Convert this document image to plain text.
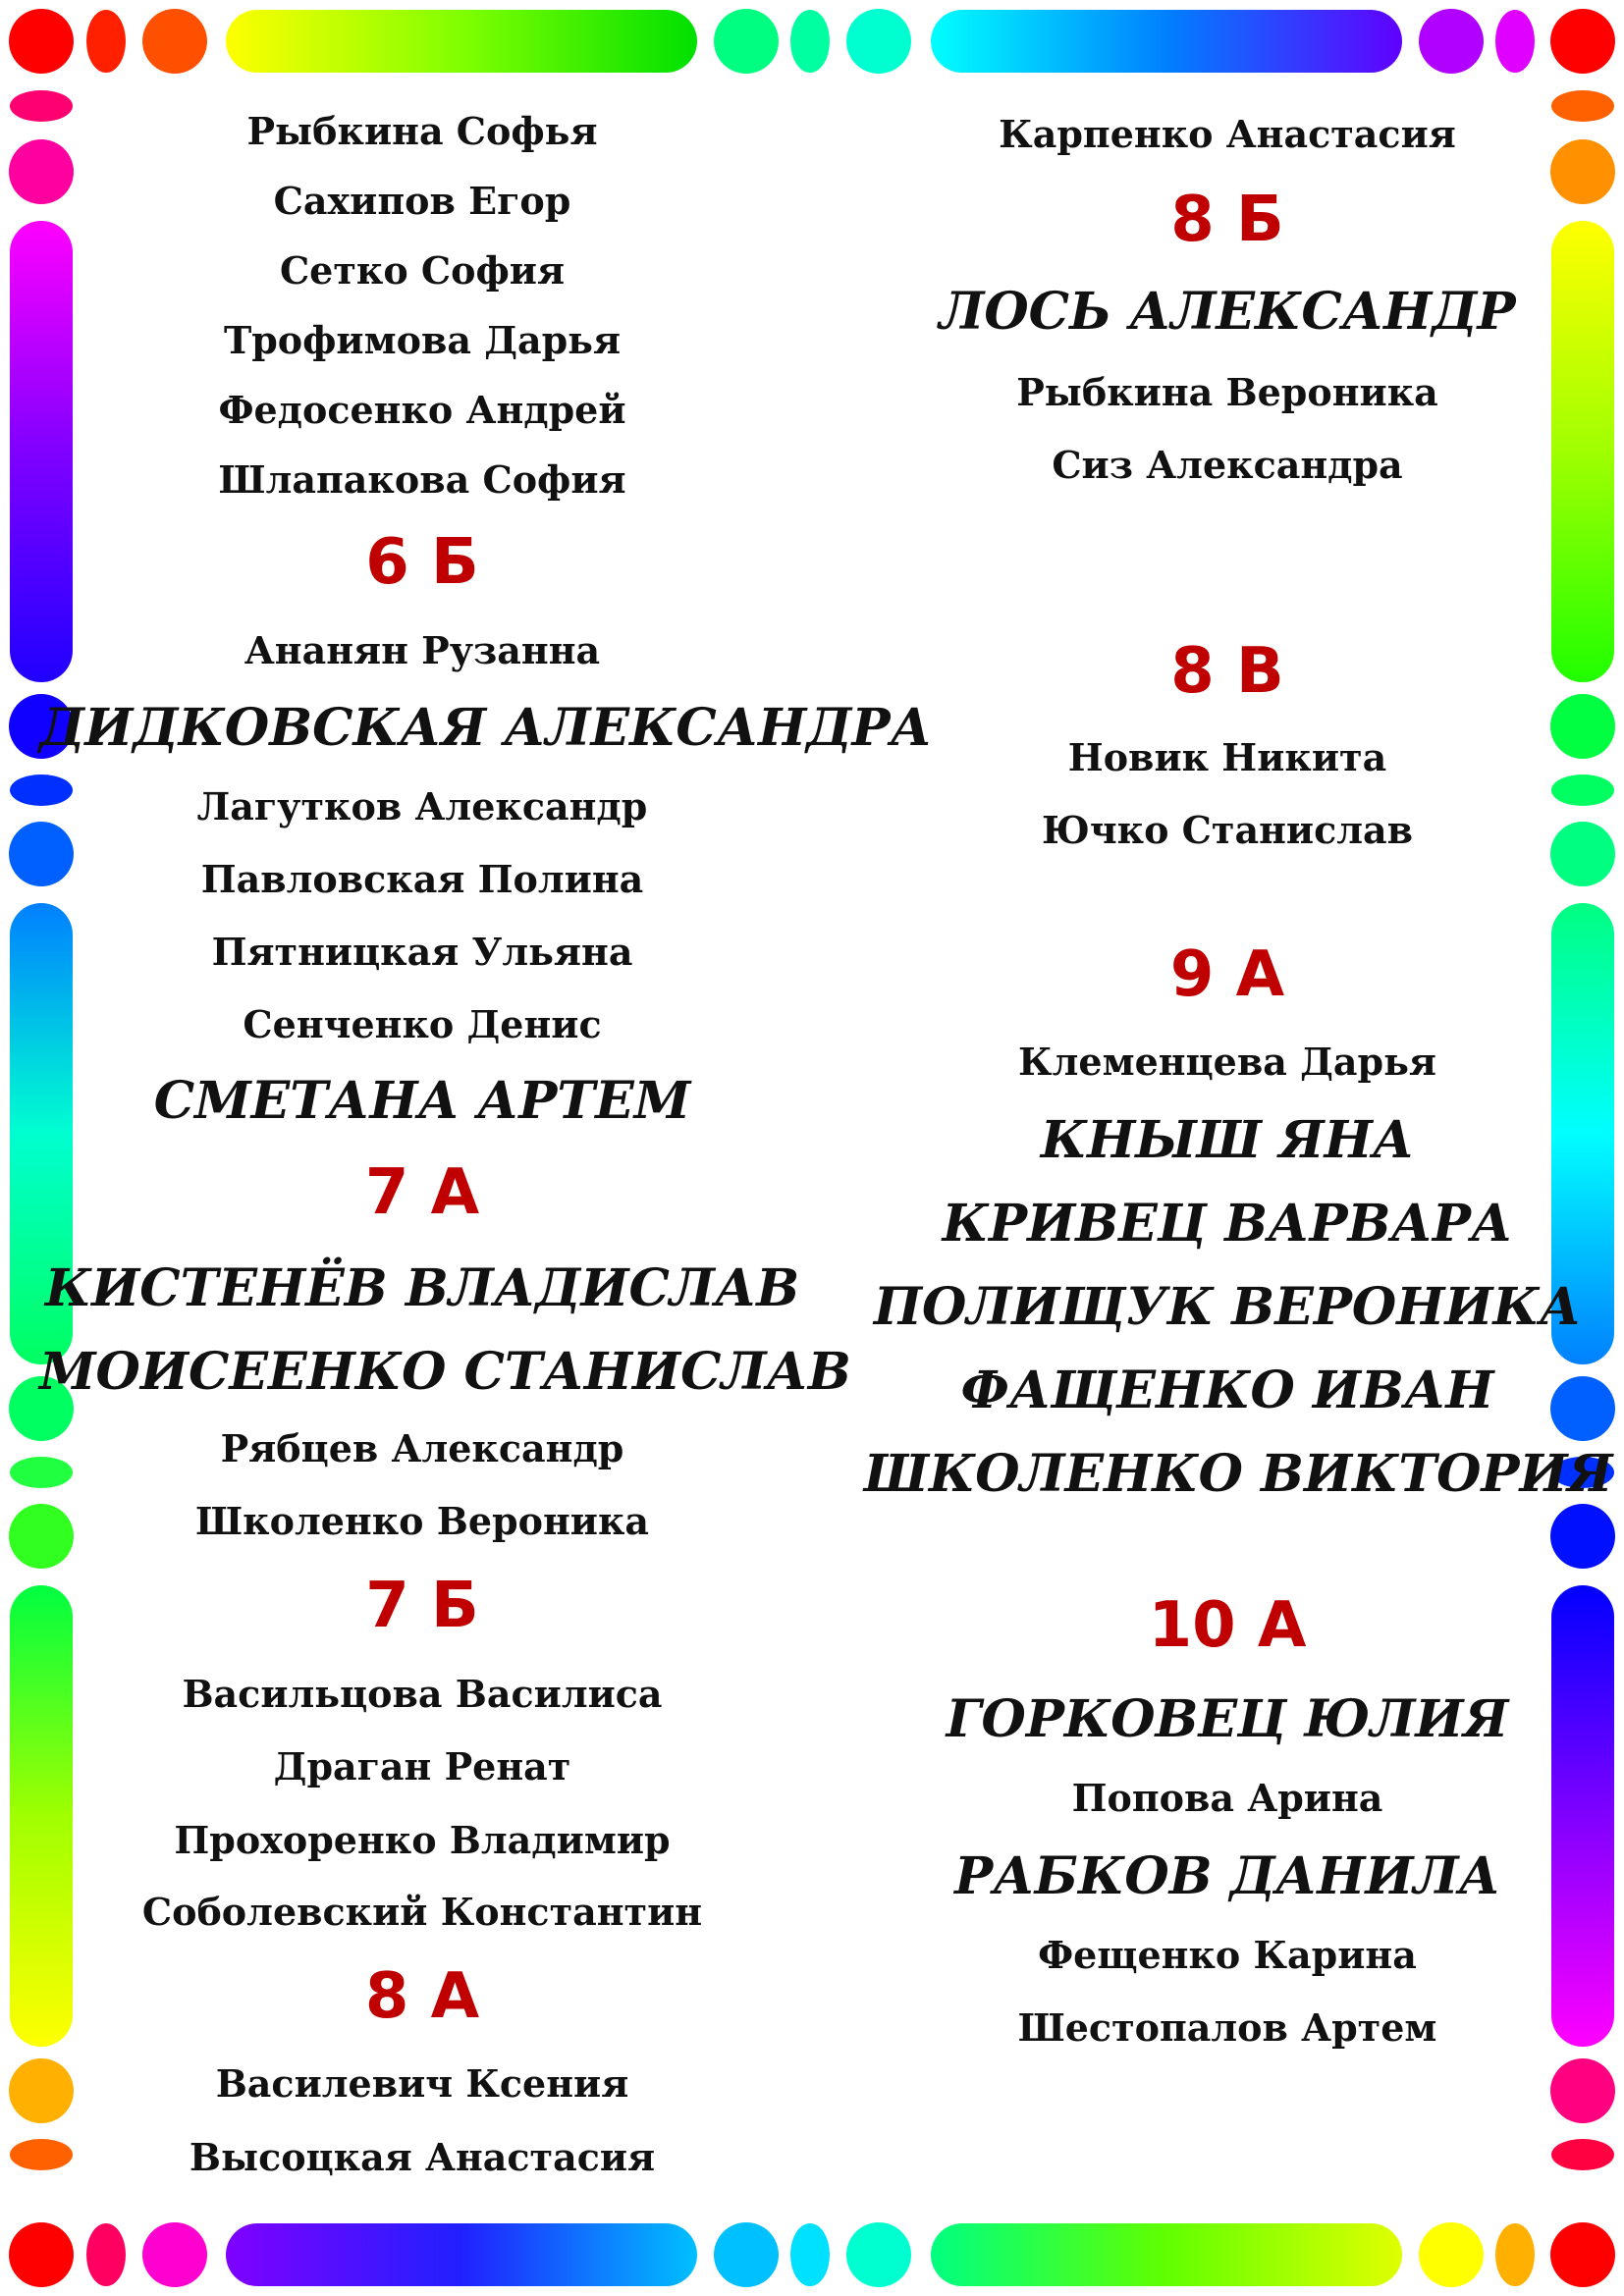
Рыбкина Софья
Сахипов Егор
Сетко София
Трофимова Дарья
Федосенко Андрей
Шлапакова София
6 Б
Ананян Рузанна
ДИДКОВСКАЯ АЛЕКСАНДРА
Лагутков Александр
Павловская Полина
Пятницкая Ульяна
Сенченко Денис
СМЕТАНА АРТЕМ
7 А
КИСТЕНЁВ ВЛАДИСЛАВ
МОИСЕЕНКО СТАНИСЛАВ
Рябцев Александр
Школенко Вероника
7 Б
Васильцова Василиса
Драган Ренат
Прохоренко Владимир
Соболевский Константин
8 А
Василевич Ксения
Высоцкая Анастасия
Карпенко Анастасия
8 Б
ЛОСЬ АЛЕКСАНДР
Рыбкина Вероника
Сиз Александра
8 В
Новик Никита
Ючко Станислав
9 А
Клеменцева Дарья
КНЫШ ЯНА
КРИВЕЦ ВАРВАРА
ПОЛИЩУК ВЕРОНИКА
ФАЩЕНКО ИВАН
ШКОЛЕНКО ВИКТОРИЯ
10 А
ГОРКОВЕЦ ЮЛИЯ
Попова Арина
РАБКОВ ДАНИЛА
Фещенко Карина
Шестопалов Артем
